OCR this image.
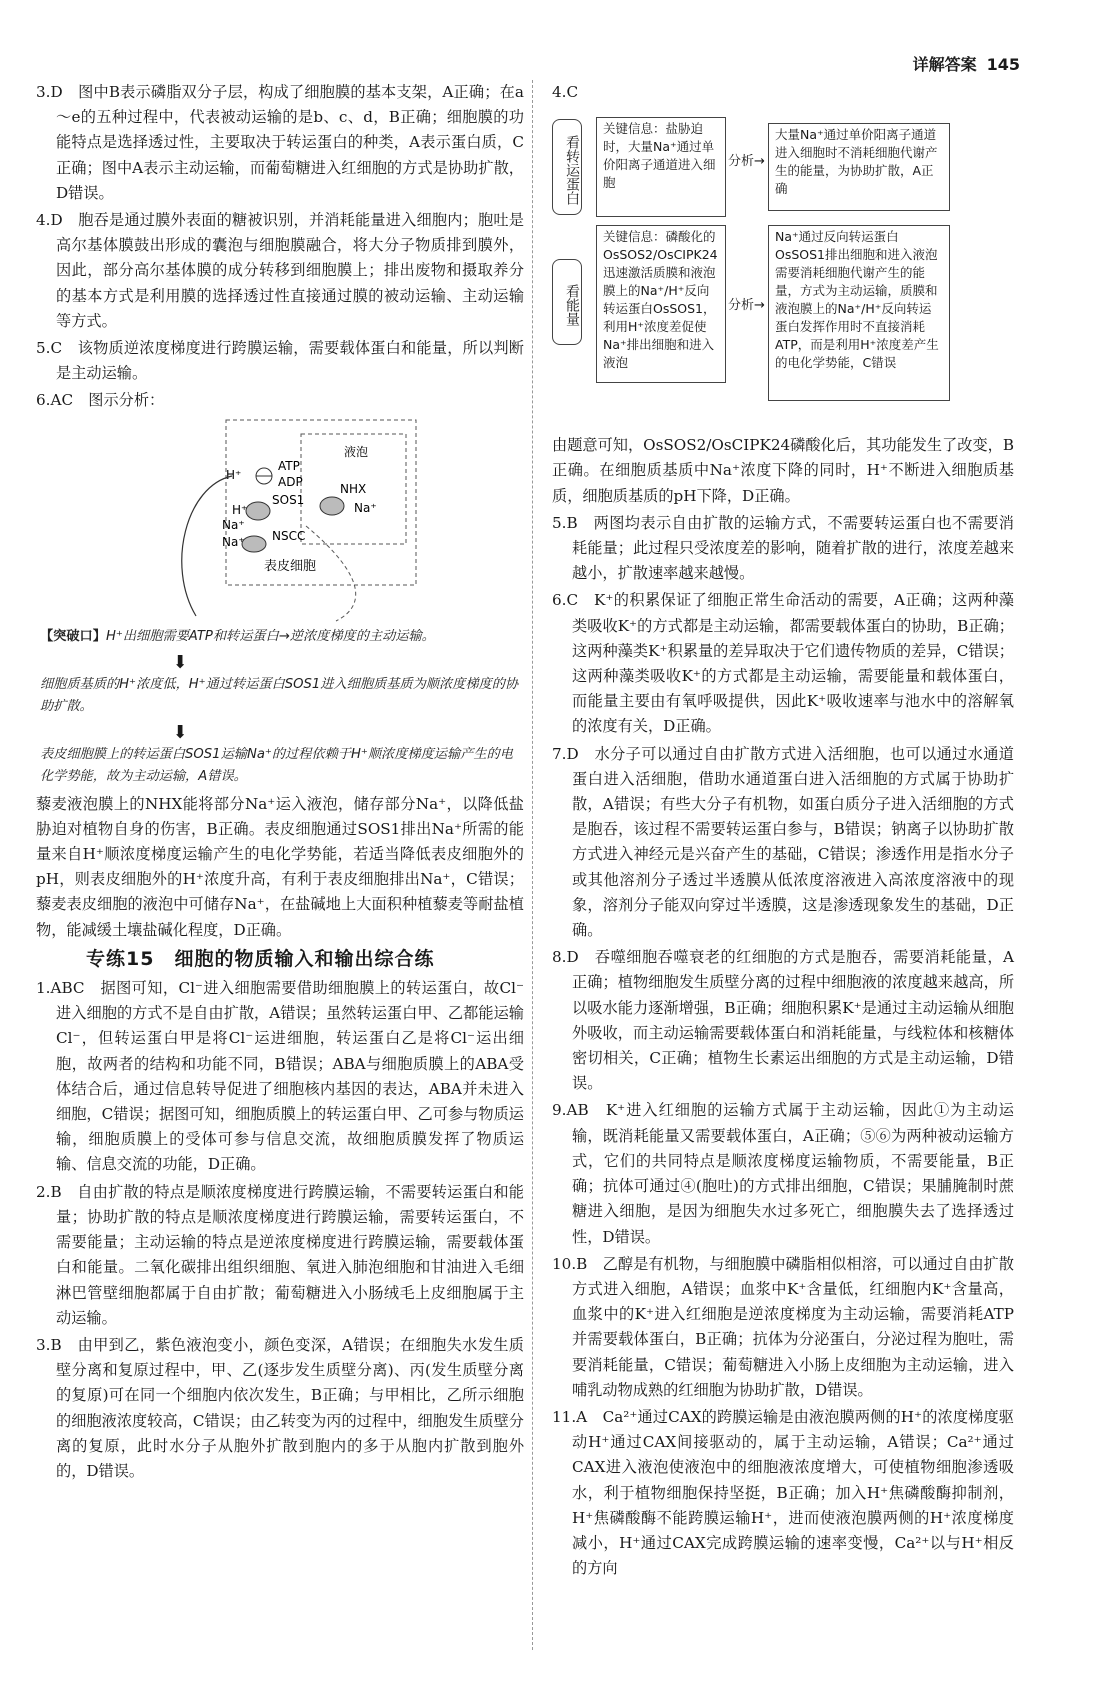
详解答案 145

3.D　图中B表示磷脂双分子层，构成了细胞膜的基本支架，A正确；在a～e的五种过程中，代表被动运输的是b、c、d，B正确；细胞膜的功能特点是选择透过性，主要取决于转运蛋白的种类，A表示蛋白质，C正确；图中A表示主动运输，而葡萄糖进入红细胞的方式是协助扩散，D错误。

4.D　胞吞是通过膜外表面的糖被识别，并消耗能量进入细胞内；胞吐是高尔基体膜鼓出形成的囊泡与细胞膜融合，将大分子物质排到膜外，因此，部分高尔基体膜的成分转移到细胞膜上；排出废物和摄取养分的基本方式是利用膜的选择透过性直接通过膜的被动运输、主动运输等方式。

5.C　该物质逆浓度梯度进行跨膜运输，需要载体蛋白和能量，所以判断是主动运输。

6.AC　图示分析：

液泡
ATP
ADP
H⁺
NHX
Na⁺
SOS1
H⁺
Na⁺
NSCC
Na⁺
表皮细胞
【突破口】H⁺出细胞需要ATP和转运蛋白→逆浓度梯度的主动运输。
⬇
细胞质基质的H⁺浓度低，H⁺通过转运蛋白SOS1进入细胞质基质为顺浓度梯度的协助扩散。
⬇
表皮细胞膜上的转运蛋白SOS1运输Na⁺的过程依赖于H⁺顺浓度梯度运输产生的电化学势能，故为主动运输，A错误。

藜麦液泡膜上的NHX能将部分Na⁺运入液泡，储存部分Na⁺，以降低盐胁迫对植物自身的伤害，B正确。表皮细胞通过SOS1排出Na⁺所需的能量来自H⁺顺浓度梯度运输产生的电化学势能，若适当降低表皮细胞外的pH，则表皮细胞外的H⁺浓度升高，有利于表皮细胞排出Na⁺，C错误；藜麦表皮细胞的液泡中可储存Na⁺，在盐碱地上大面积种植藜麦等耐盐植物，能减缓土壤盐碱化程度，D正确。

专练15　细胞的物质输入和输出综合练

1.ABC　据图可知，Cl⁻进入细胞需要借助细胞膜上的转运蛋白，故Cl⁻进入细胞的方式不是自由扩散，A错误；虽然转运蛋白甲、乙都能运输Cl⁻，但转运蛋白甲是将Cl⁻运进细胞，转运蛋白乙是将Cl⁻运出细胞，故两者的结构和功能不同，B错误；ABA与细胞质膜上的ABA受体结合后，通过信息转导促进了细胞核内基因的表达，ABA并未进入细胞，C错误；据图可知，细胞质膜上的转运蛋白甲、乙可参与物质运输，细胞质膜上的受体可参与信息交流，故细胞质膜发挥了物质运输、信息交流的功能，D正确。

2.B　自由扩散的特点是顺浓度梯度进行跨膜运输，不需要转运蛋白和能量；协助扩散的特点是顺浓度梯度进行跨膜运输，需要转运蛋白，不需要能量；主动运输的特点是逆浓度梯度进行跨膜运输，需要载体蛋白和能量。二氧化碳排出组织细胞、氧进入肺泡细胞和甘油进入毛细淋巴管壁细胞都属于自由扩散；葡萄糖进入小肠绒毛上皮细胞属于主动运输。

3.B　由甲到乙，紫色液泡变小，颜色变深，A错误；在细胞失水发生质壁分离和复原过程中，甲、乙(逐步发生质壁分离)、丙(发生质壁分离的复原)可在同一个细胞内依次发生，B正确；与甲相比，乙所示细胞的细胞液浓度较高，C错误；由乙转变为丙的过程中，细胞发生质壁分离的复原，此时水分子从胞外扩散到胞内的多于从胞内扩散到胞外的，D错误。

4.C

看转运蛋白
关键信息：盐胁迫时，大量Na⁺通过单价阳离子通道进入细胞
分析→
大量Na⁺通过单价阳离子通道进入细胞时不消耗细胞代谢产生的能量，为协助扩散，A正确
看能量
关键信息：磷酸化的OsSOS2/OsCIPK24迅速激活质膜和液泡膜上的Na⁺/H⁺反向转运蛋白OsSOS1，利用H⁺浓度差促使Na⁺排出细胞和进入液泡
分析→
Na⁺通过反向转运蛋白OsSOS1排出细胞和进入液泡需要消耗细胞代谢产生的能量，方式为主动运输，质膜和液泡膜上的Na⁺/H⁺反向转运蛋白发挥作用时不直接消耗ATP，而是利用H⁺浓度差产生的电化学势能，C错误

由题意可知，OsSOS2/OsCIPK24磷酸化后，其功能发生了改变，B正确。在细胞质基质中Na⁺浓度下降的同时，H⁺不断进入细胞质基质，细胞质基质的pH下降，D正确。

5.B　两图均表示自由扩散的运输方式，不需要转运蛋白也不需要消耗能量；此过程只受浓度差的影响，随着扩散的进行，浓度差越来越小，扩散速率越来越慢。

6.C　K⁺的积累保证了细胞正常生命活动的需要，A正确；这两种藻类吸收K⁺的方式都是主动运输，都需要载体蛋白的协助，B正确；这两种藻类K⁺积累量的差异取决于它们遗传物质的差异，C错误；这两种藻类吸收K⁺的方式都是主动运输，需要能量和载体蛋白，而能量主要由有氧呼吸提供，因此K⁺吸收速率与池水中的溶解氧的浓度有关，D正确。

7.D　水分子可以通过自由扩散方式进入活细胞，也可以通过水通道蛋白进入活细胞，借助水通道蛋白进入活细胞的方式属于协助扩散，A错误；有些大分子有机物，如蛋白质分子进入活细胞的方式是胞吞，该过程不需要转运蛋白参与，B错误；钠离子以协助扩散方式进入神经元是兴奋产生的基础，C错误；渗透作用是指水分子或其他溶剂分子透过半透膜从低浓度溶液进入高浓度溶液中的现象，溶剂分子能双向穿过半透膜，这是渗透现象发生的基础，D正确。

8.D　吞噬细胞吞噬衰老的红细胞的方式是胞吞，需要消耗能量，A正确；植物细胞发生质壁分离的过程中细胞液的浓度越来越高，所以吸水能力逐渐增强，B正确；细胞积累K⁺是通过主动运输从细胞外吸收，而主动运输需要载体蛋白和消耗能量，与线粒体和核糖体密切相关，C正确；植物生长素运出细胞的方式是主动运输，D错误。

9.AB　K⁺进入红细胞的运输方式属于主动运输，因此①为主动运输，既消耗能量又需要载体蛋白，A正确；⑤⑥为两种被动运输方式，它们的共同特点是顺浓度梯度运输物质，不需要能量，B正确；抗体可通过④(胞吐)的方式排出细胞，C错误；果脯腌制时蔗糖进入细胞，是因为细胞失水过多死亡，细胞膜失去了选择透过性，D错误。

10.B　乙醇是有机物，与细胞膜中磷脂相似相溶，可以通过自由扩散方式进入细胞，A错误；血浆中K⁺含量低，红细胞内K⁺含量高，血浆中的K⁺进入红细胞是逆浓度梯度为主动运输，需要消耗ATP并需要载体蛋白，B正确；抗体为分泌蛋白，分泌过程为胞吐，需要消耗能量，C错误；葡萄糖进入小肠上皮细胞为主动运输，进入哺乳动物成熟的红细胞为协助扩散，D错误。

11.A　Ca²⁺通过CAX的跨膜运输是由液泡膜两侧的H⁺的浓度梯度驱动H⁺通过CAX间接驱动的，属于主动运输，A错误；Ca²⁺通过CAX进入液泡使液泡中的细胞液浓度增大，可使植物细胞渗透吸水，利于植物细胞保持坚挺，B正确；加入H⁺焦磷酸酶抑制剂，H⁺焦磷酸酶不能跨膜运输H⁺，进而使液泡膜两侧的H⁺浓度梯度减小，H⁺通过CAX完成跨膜运输的速率变慢，Ca²⁺以与H⁺相反的方向
